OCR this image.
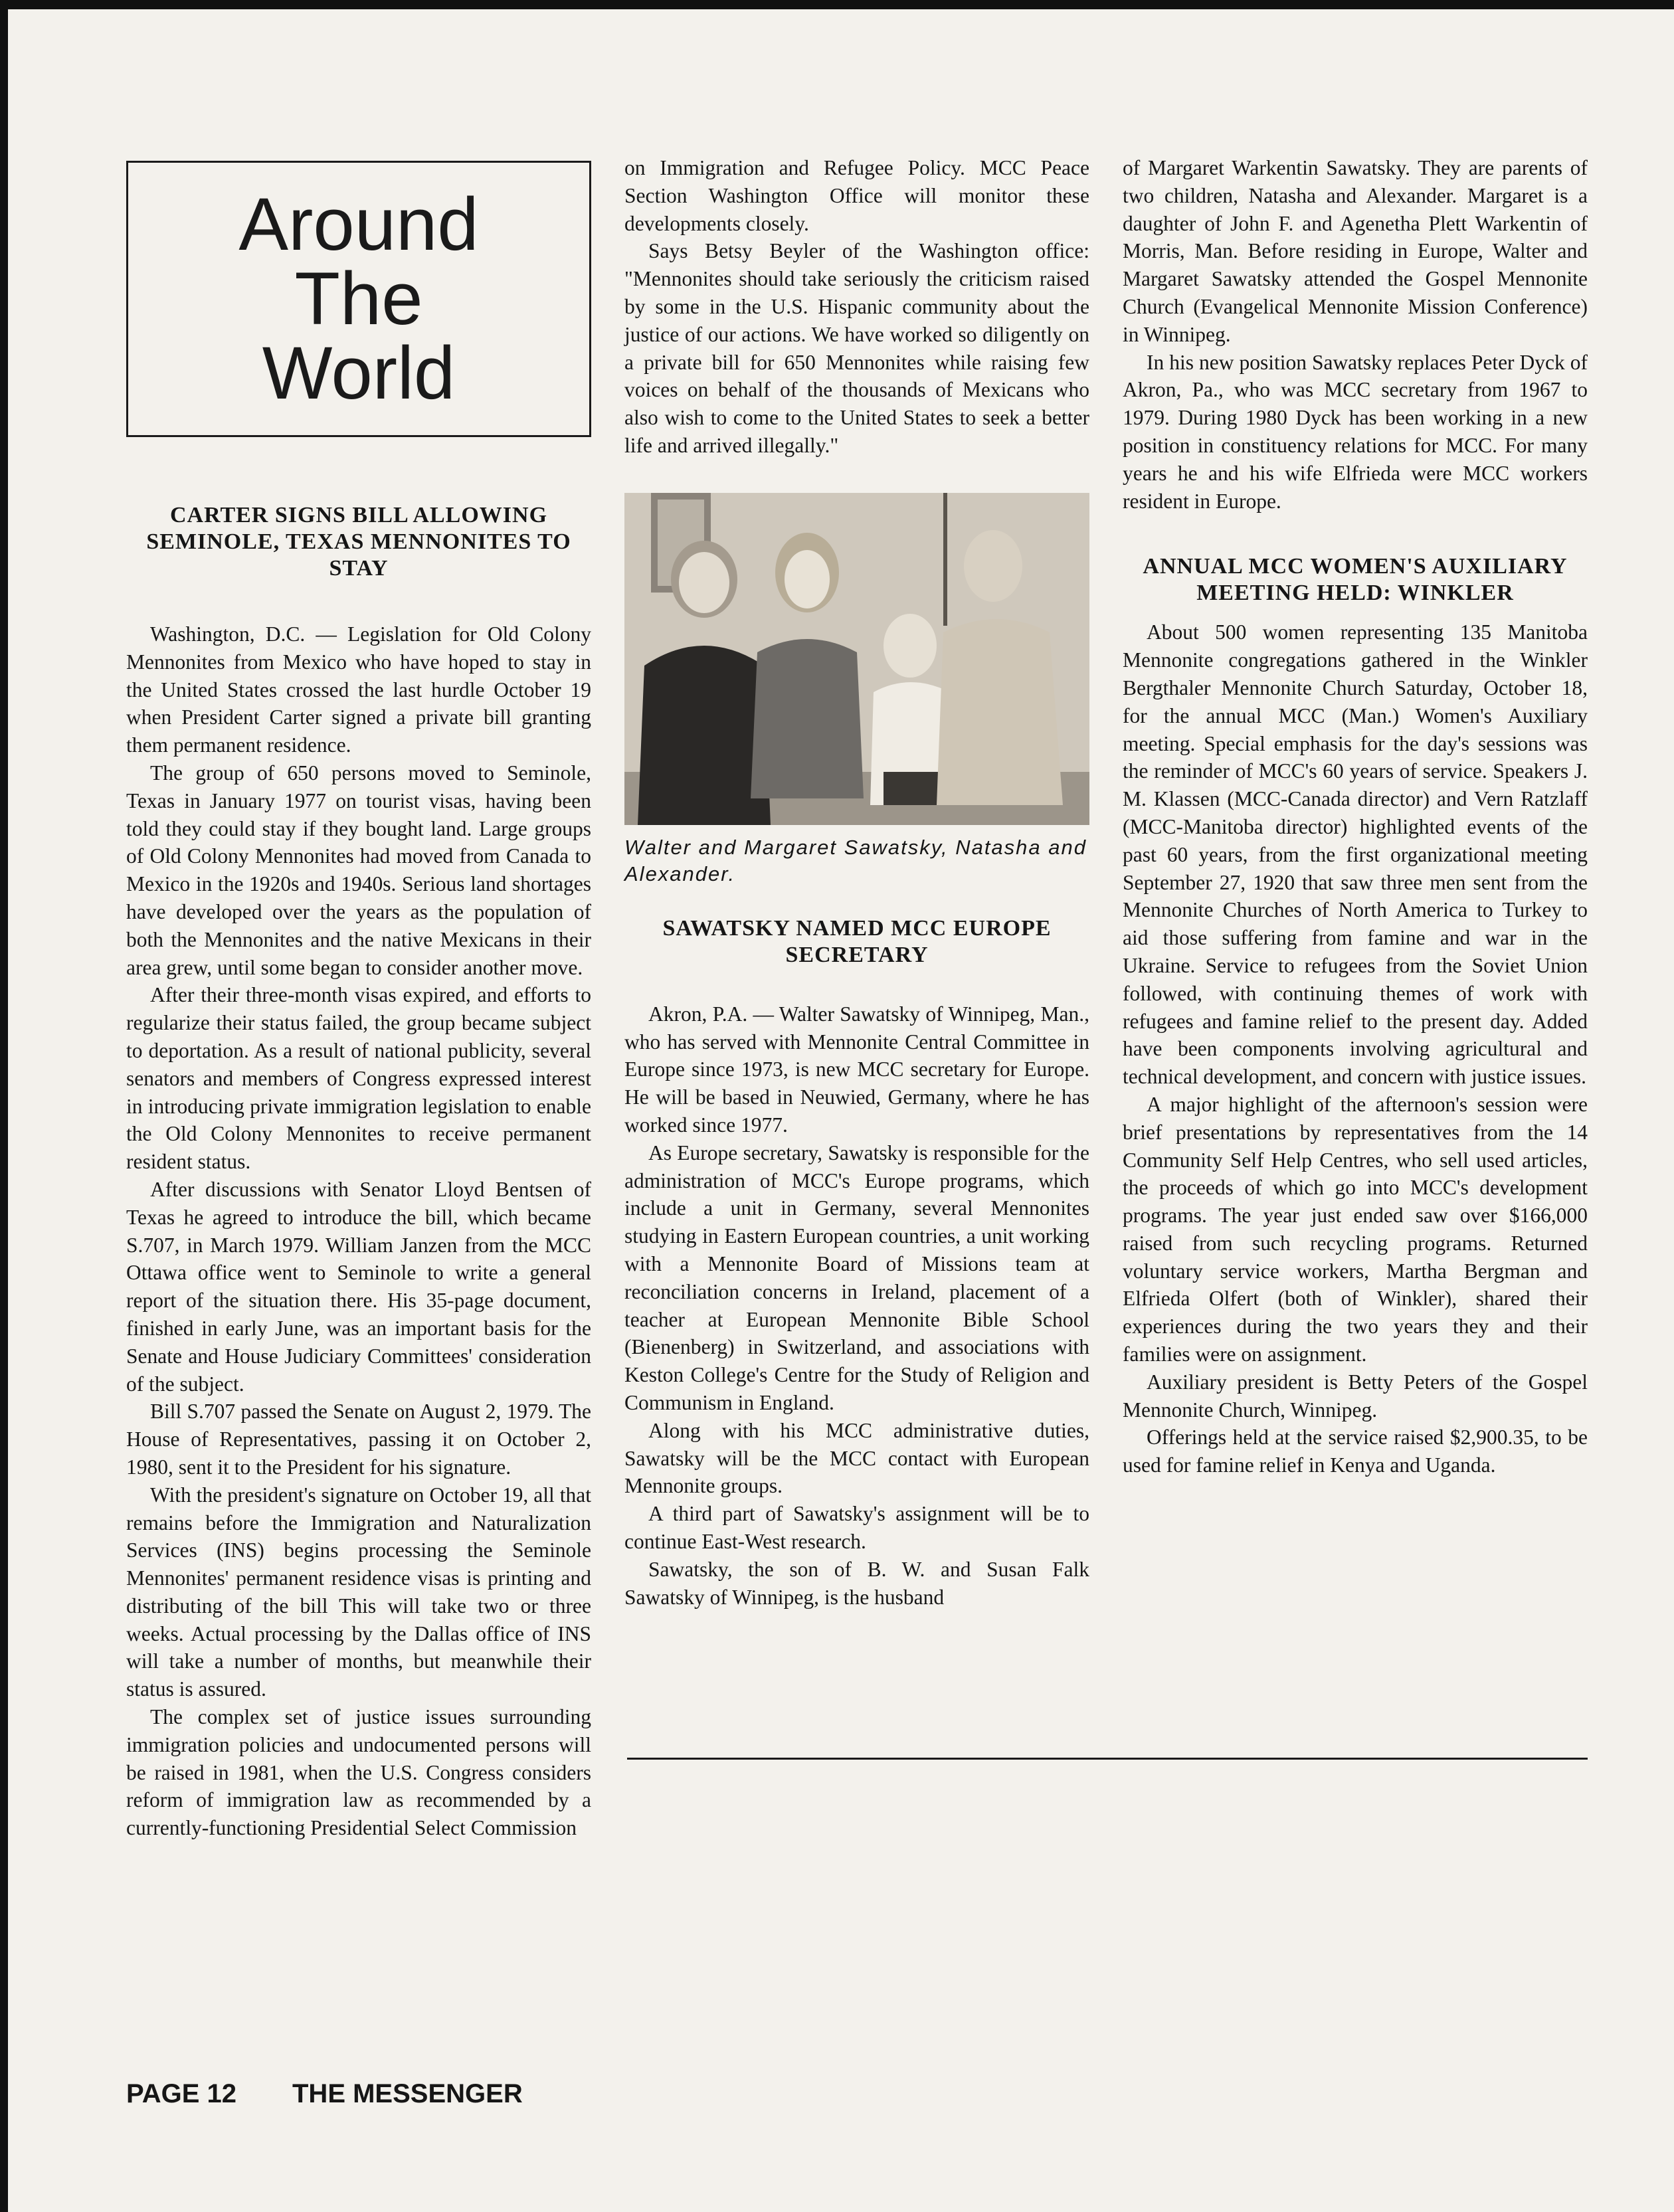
Around
The
World
CARTER SIGNS BILL ALLOWING SEMINOLE, TEXAS MENNONITES TO STAY

Washington, D.C. — Legislation for Old Colony Mennonites from Mexico who have hoped to stay in the United States crossed the last hurdle October 19 when President Carter signed a private bill granting them permanent residence.

The group of 650 persons moved to Seminole, Texas in January 1977 on tourist visas, having been told they could stay if they bought land. Large groups of Old Colony Mennonites had moved from Canada to Mexico in the 1920s and 1940s. Serious land shortages have developed over the years as the population of both the Mennonites and the native Mexicans in their area grew, until some began to consider another move.

After their three-month visas expired, and efforts to regularize their status failed, the group became subject to deportation. As a result of national publicity, several senators and members of Congress expressed interest in introducing private immigration legislation to enable the Old Colony Mennonites to receive permanent resident status.

After discussions with Senator Lloyd Bentsen of Texas he agreed to introduce the bill, which became S.707, in March 1979. William Janzen from the MCC Ottawa office went to Seminole to write a general report of the situation there. His 35-page document, finished in early June, was an important basis for the Senate and House Judiciary Committees' consideration of the subject.

Bill S.707 passed the Senate on August 2, 1979. The House of Representatives, passing it on October 2, 1980, sent it to the President for his signature.

With the president's signature on October 19, all that remains before the Immigration and Naturalization Services (INS) begins processing the Seminole Mennonites' permanent residence visas is printing and distributing of the bill This will take two or three weeks. Actual processing by the Dallas office of INS will take a number of months, but meanwhile their status is assured.

The complex set of justice issues surrounding immigration policies and undocumented persons will be raised in 1981, when the U.S. Congress considers reform of immigration law as recommended by a currently-functioning Presidential Select Commission

on Immigration and Refugee Policy. MCC Peace Section Washington Office will monitor these developments closely.

Says Betsy Beyler of the Washington office: "Mennonites should take seriously the criticism raised by some in the U.S. Hispanic community about the justice of our actions. We have worked so diligently on a private bill for 650 Mennonites while raising few voices on behalf of the thousands of Mexicans who also wish to come to the United States to seek a better life and arrived illegally."

Walter and Margaret Sawatsky, Natasha and Alexander.
SAWATSKY NAMED MCC EUROPE SECRETARY

Akron, P.A. — Walter Sawatsky of Winnipeg, Man., who has served with Mennonite Central Committee in Europe since 1973, is new MCC secretary for Europe. He will be based in Neuwied, Germany, where he has worked since 1977.

As Europe secretary, Sawatsky is responsible for the administration of MCC's Europe programs, which include a unit in Germany, several Mennonites studying in Eastern European countries, a unit working with a Mennonite Board of Missions team at reconciliation concerns in Ireland, placement of a teacher at European Mennonite Bible School (Bienenberg) in Switzerland, and associations with Keston College's Centre for the Study of Religion and Communism in England.

Along with his MCC administrative duties, Sawatsky will be the MCC contact with European Mennonite groups.

A third part of Sawatsky's assignment will be to continue East-West research.

Sawatsky, the son of B. W. and Susan Falk Sawatsky of Winnipeg, is the husband

of Margaret Warkentin Sawatsky. They are parents of two children, Natasha and Alexander. Margaret is a daughter of John F. and Agenetha Plett Warkentin of Morris, Man. Before residing in Europe, Walter and Margaret Sawatsky attended the Gospel Mennonite Church (Evangelical Mennonite Mission Conference) in Winnipeg.

In his new position Sawatsky replaces Peter Dyck of Akron, Pa., who was MCC secretary from 1967 to 1979. During 1980 Dyck has been working in a new position in constituency relations for MCC. For many years he and his wife Elfrieda were MCC workers resident in Europe.

ANNUAL MCC WOMEN'S AUXILIARY MEETING HELD: WINKLER

About 500 women representing 135 Manitoba Mennonite congregations gathered in the Winkler Bergthaler Mennonite Church Saturday, October 18, for the annual MCC (Man.) Women's Auxiliary meeting. Special emphasis for the day's sessions was the reminder of MCC's 60 years of service. Speakers J. M. Klassen (MCC-Canada director) and Vern Ratzlaff (MCC-Manitoba director) highlighted events of the past 60 years, from the first organizational meeting September 27, 1920 that saw three men sent from the Mennonite Churches of North America to Turkey to aid those suffering from famine and war in the Ukraine. Service to refugees from the Soviet Union followed, with continuing themes of work with refugees and famine relief to the present day. Added have been components involving agricultural and technical development, and concern with justice issues.

A major highlight of the afternoon's session were brief presentations by representatives from the 14 Community Self Help Centres, who sell used articles, the proceeds of which go into MCC's development programs. The year just ended saw over $166,000 raised from such recycling programs. Returned voluntary service workers, Martha Bergman and Elfrieda Olfert (both of Winkler), shared their experiences during the two years they and their families were on assignment.

Auxiliary president is Betty Peters of the Gospel Mennonite Church, Winnipeg.

Offerings held at the service raised $2,900.35, to be used for famine relief in Kenya and Uganda.

PAGE 12	THE MESSENGER
